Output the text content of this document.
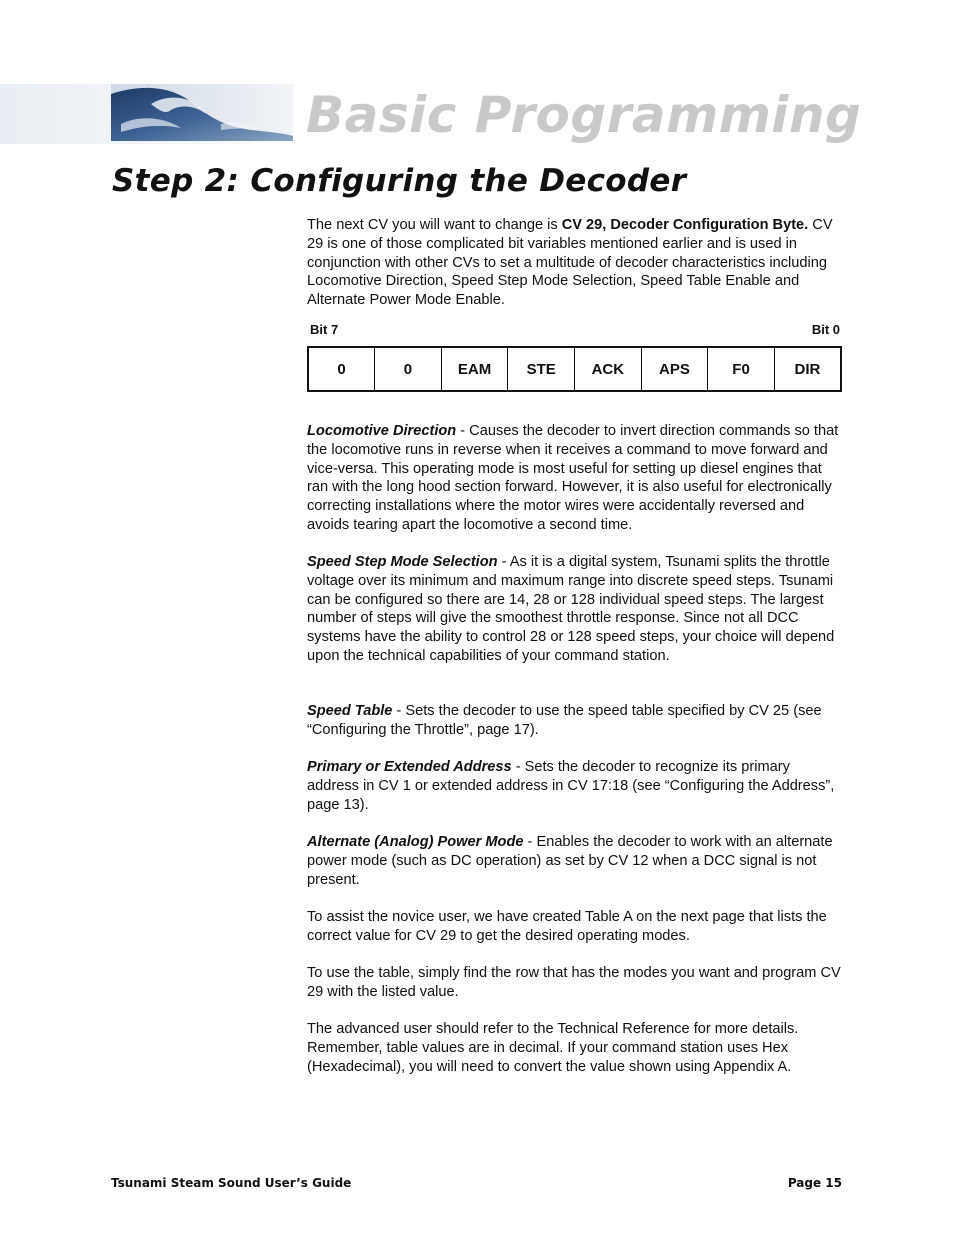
Basic Programming
Step 2: Configuring the Decoder

The next CV you will want to change is CV 29, Decoder Configuration Byte. CV 29 is one of those complicated bit variables mentioned earlier and is used in conjunction with other CVs to set a multitude of decoder characteristics including Locomotive Direction, Speed Step Mode Selection, Speed Table Enable and Alternate Power Mode Enable.

Bit 7	Bit 0
0	0	EAM	STE	ACK	APS	F0	DIR

Locomotive Direction - Causes the decoder to invert direction commands so that the locomotive runs in reverse when it receives a command to move forward and vice-versa. This operating mode is most useful for setting up diesel engines that ran with the long hood section forward. However, it is also useful for electronically correcting installations where the motor wires were accidentally reversed and avoids tearing apart the locomotive a second time.

Speed Step Mode Selection - As it is a digital system, Tsunami splits the throttle voltage over its minimum and maximum range into discrete speed steps. Tsunami can be configured so there are 14, 28 or 128 individual speed steps. The largest number of steps will give the smoothest throttle response. Since not all DCC systems have the ability to control 28 or 128 speed steps, your choice will depend upon the technical capabilities of your command station.

Speed Table - Sets the decoder to use the speed table specified by CV 25 (see “Configuring the Throttle”, page 17).

Primary or Extended Address - Sets the decoder to recognize its primary address in CV 1 or extended address in CV 17:18 (see “Configuring the Address”, page 13).

Alternate (Analog) Power Mode - Enables the decoder to work with an alternate power mode (such as DC operation) as set by CV 12 when a DCC signal is not present.

To assist the novice user, we have created Table A on the next page that lists the correct value for CV 29 to get the desired operating modes.

To use the table, simply find the row that has the modes you want and program CV 29 with the listed value.

The advanced user should refer to the Technical Reference for more details. Remember, table values are in decimal. If your command station uses Hex (Hexadecimal), you will need to convert the value shown using Appendix A.

Tsunami Steam Sound User’s Guide	Page 15
